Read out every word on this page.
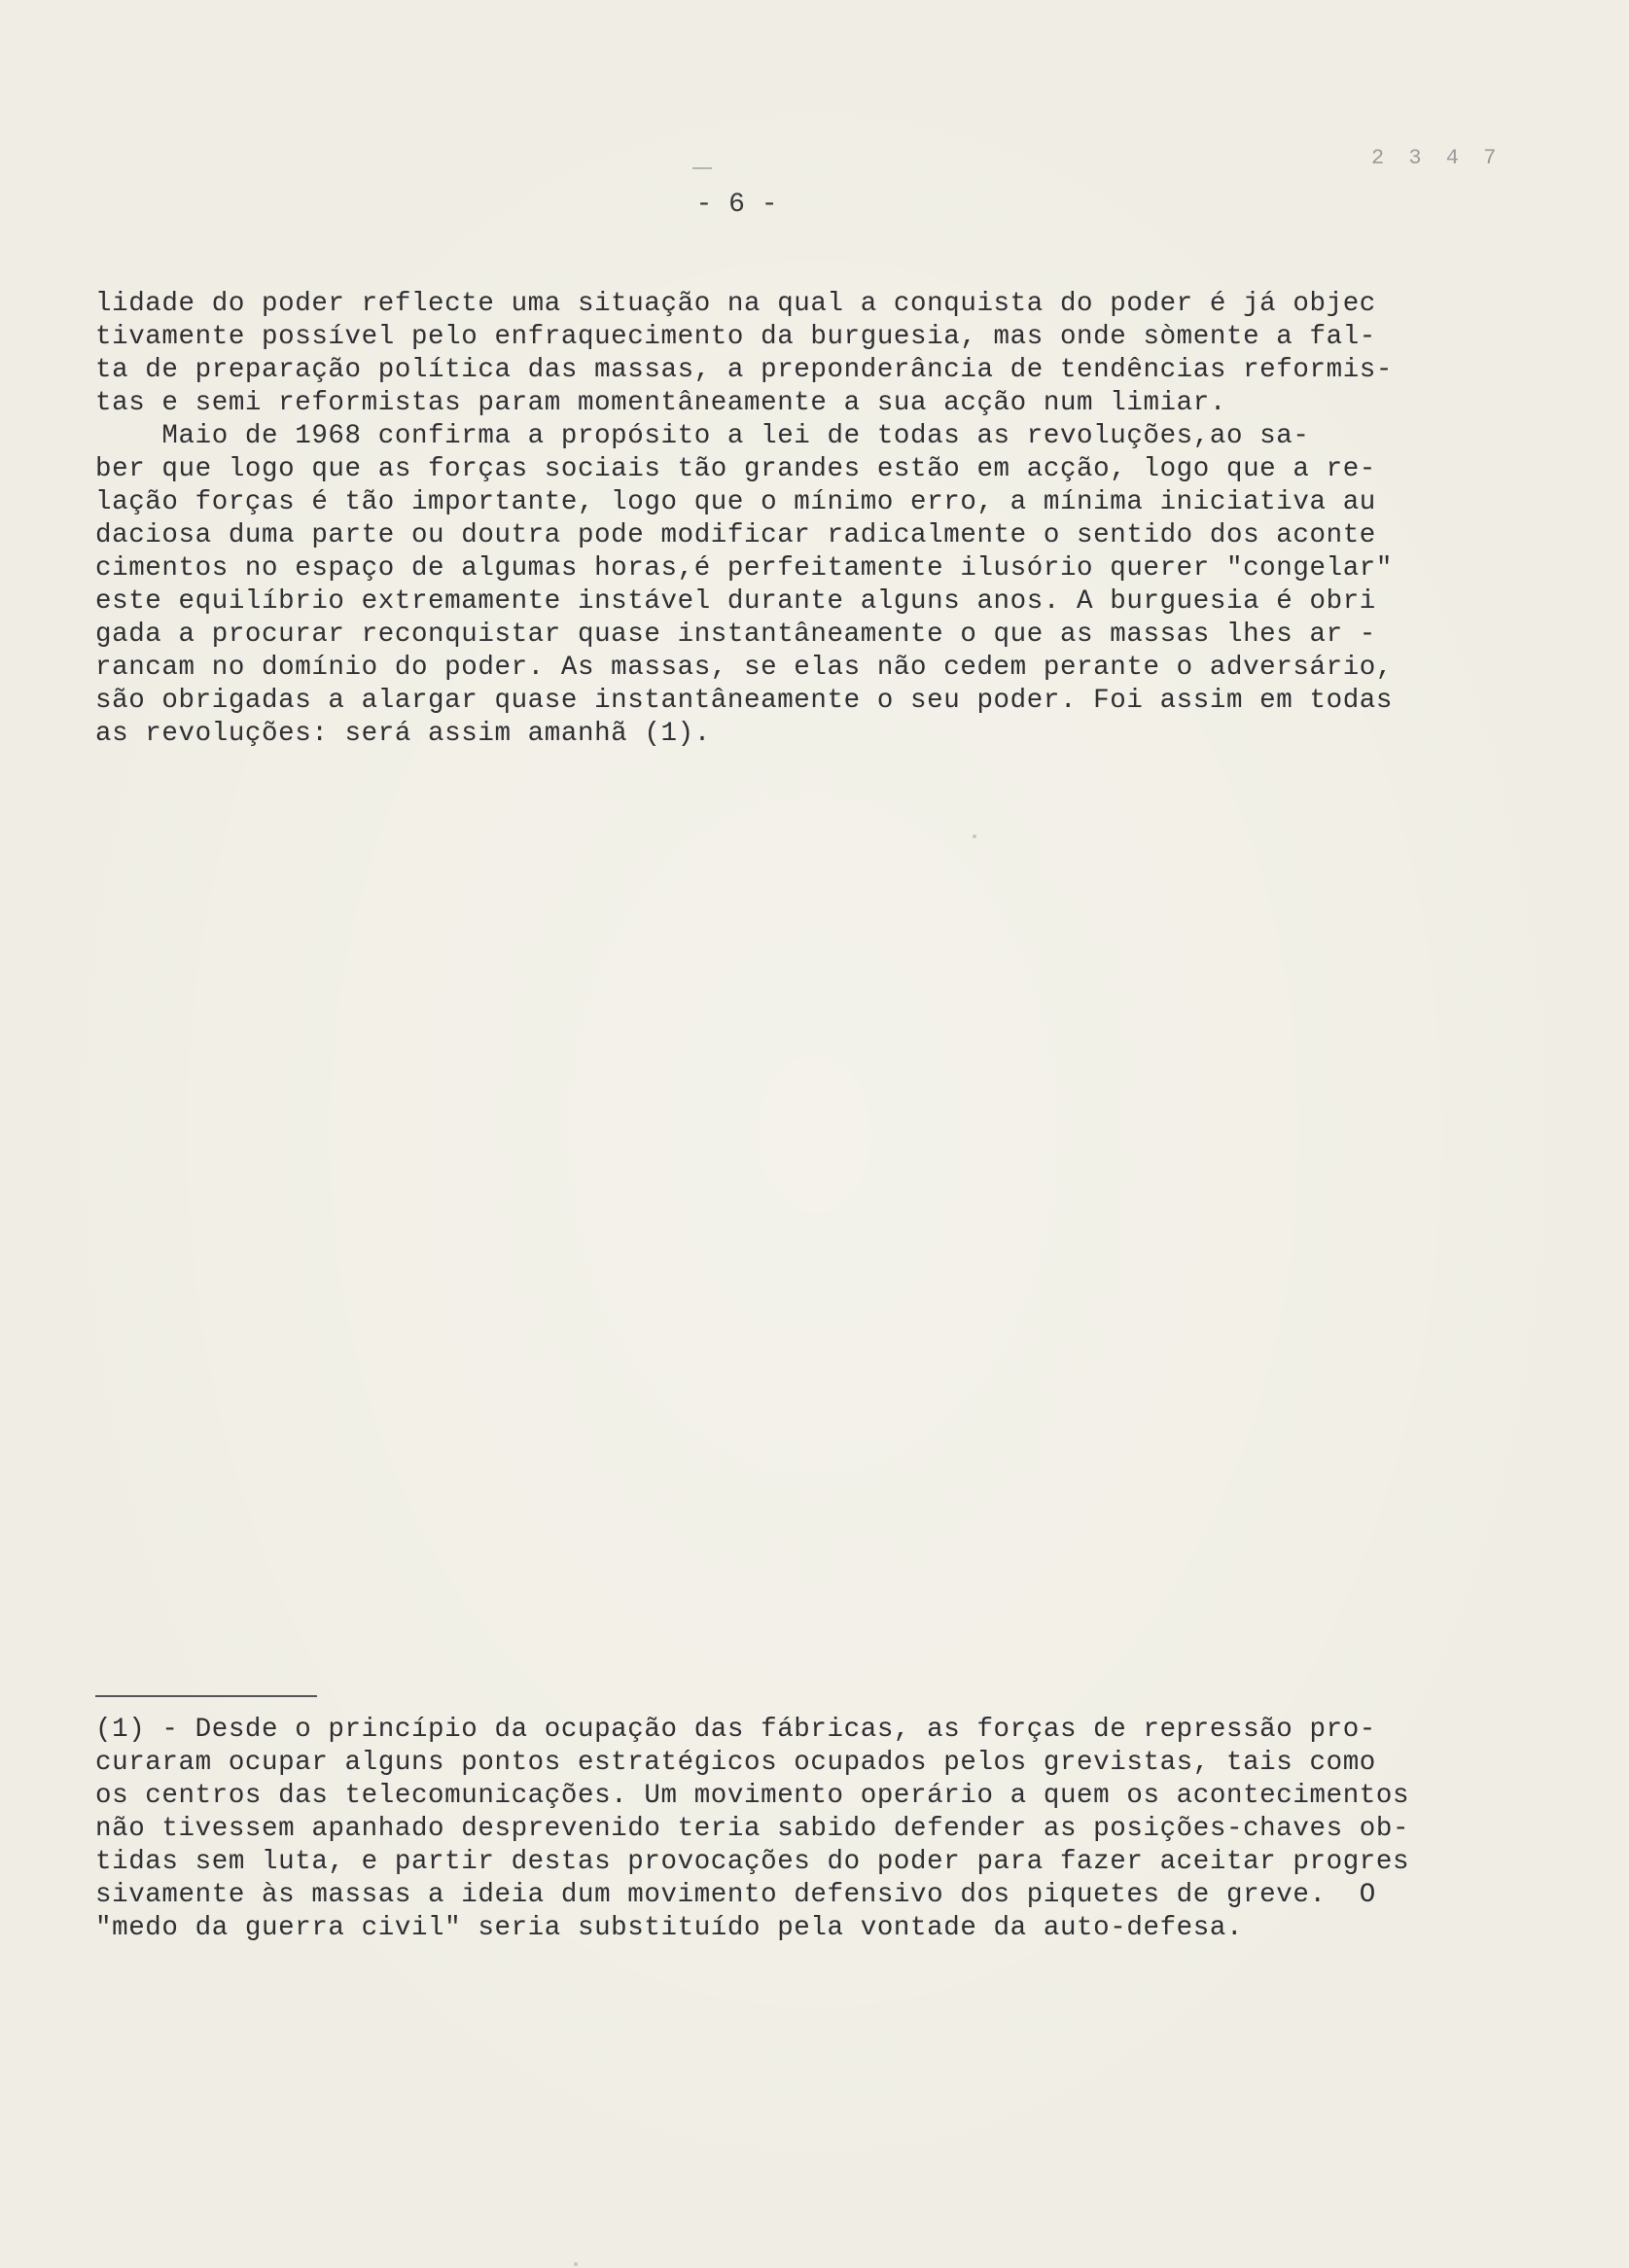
2 3 4 7
- 6 -
lidade do poder reflecte uma situação na qual a conquista do poder é já objec
tivamente possível pelo enfraquecimento da burguesia, mas onde sòmente a fal-
ta de preparação política das massas, a preponderância de tendências reformis-
tas e semi reformistas param momentâneamente a sua acção num limiar.
Maio de 1968 confirma a propósito a lei de todas as revoluções,ao sa-
ber que logo que as forças sociais tão grandes estão em acção, logo que a re-
lação forças é tão importante, logo que o mínimo erro, a mínima iniciativa au
daciosa duma parte ou doutra pode modificar radicalmente o sentido dos aconte
cimentos no espaço de algumas horas,é perfeitamente ilusório querer "congelar"
este equilíbrio extremamente instável durante alguns anos. A burguesia é obri
gada a procurar reconquistar quase instantâneamente o que as massas lhes ar -
rancam no domínio do poder. As massas, se elas não cedem perante o adversário,
são obrigadas a alargar quase instantâneamente o seu poder. Foi assim em todas
as revoluções: será assim amanhã (1).
(1) - Desde o princípio da ocupação das fábricas, as forças de repressão pro-
curaram ocupar alguns pontos estratégicos ocupados pelos grevistas, tais como
os centros das telecomunicações. Um movimento operário a quem os acontecimentos
não tivessem apanhado desprevenido teria sabido defender as posições-chaves ob-
tidas sem luta, e partir destas provocações do poder para fazer aceitar progres
sivamente às massas a ideia dum movimento defensivo dos piquetes de greve.  O
"medo da guerra civil" seria substituído pela vontade da auto-defesa.
